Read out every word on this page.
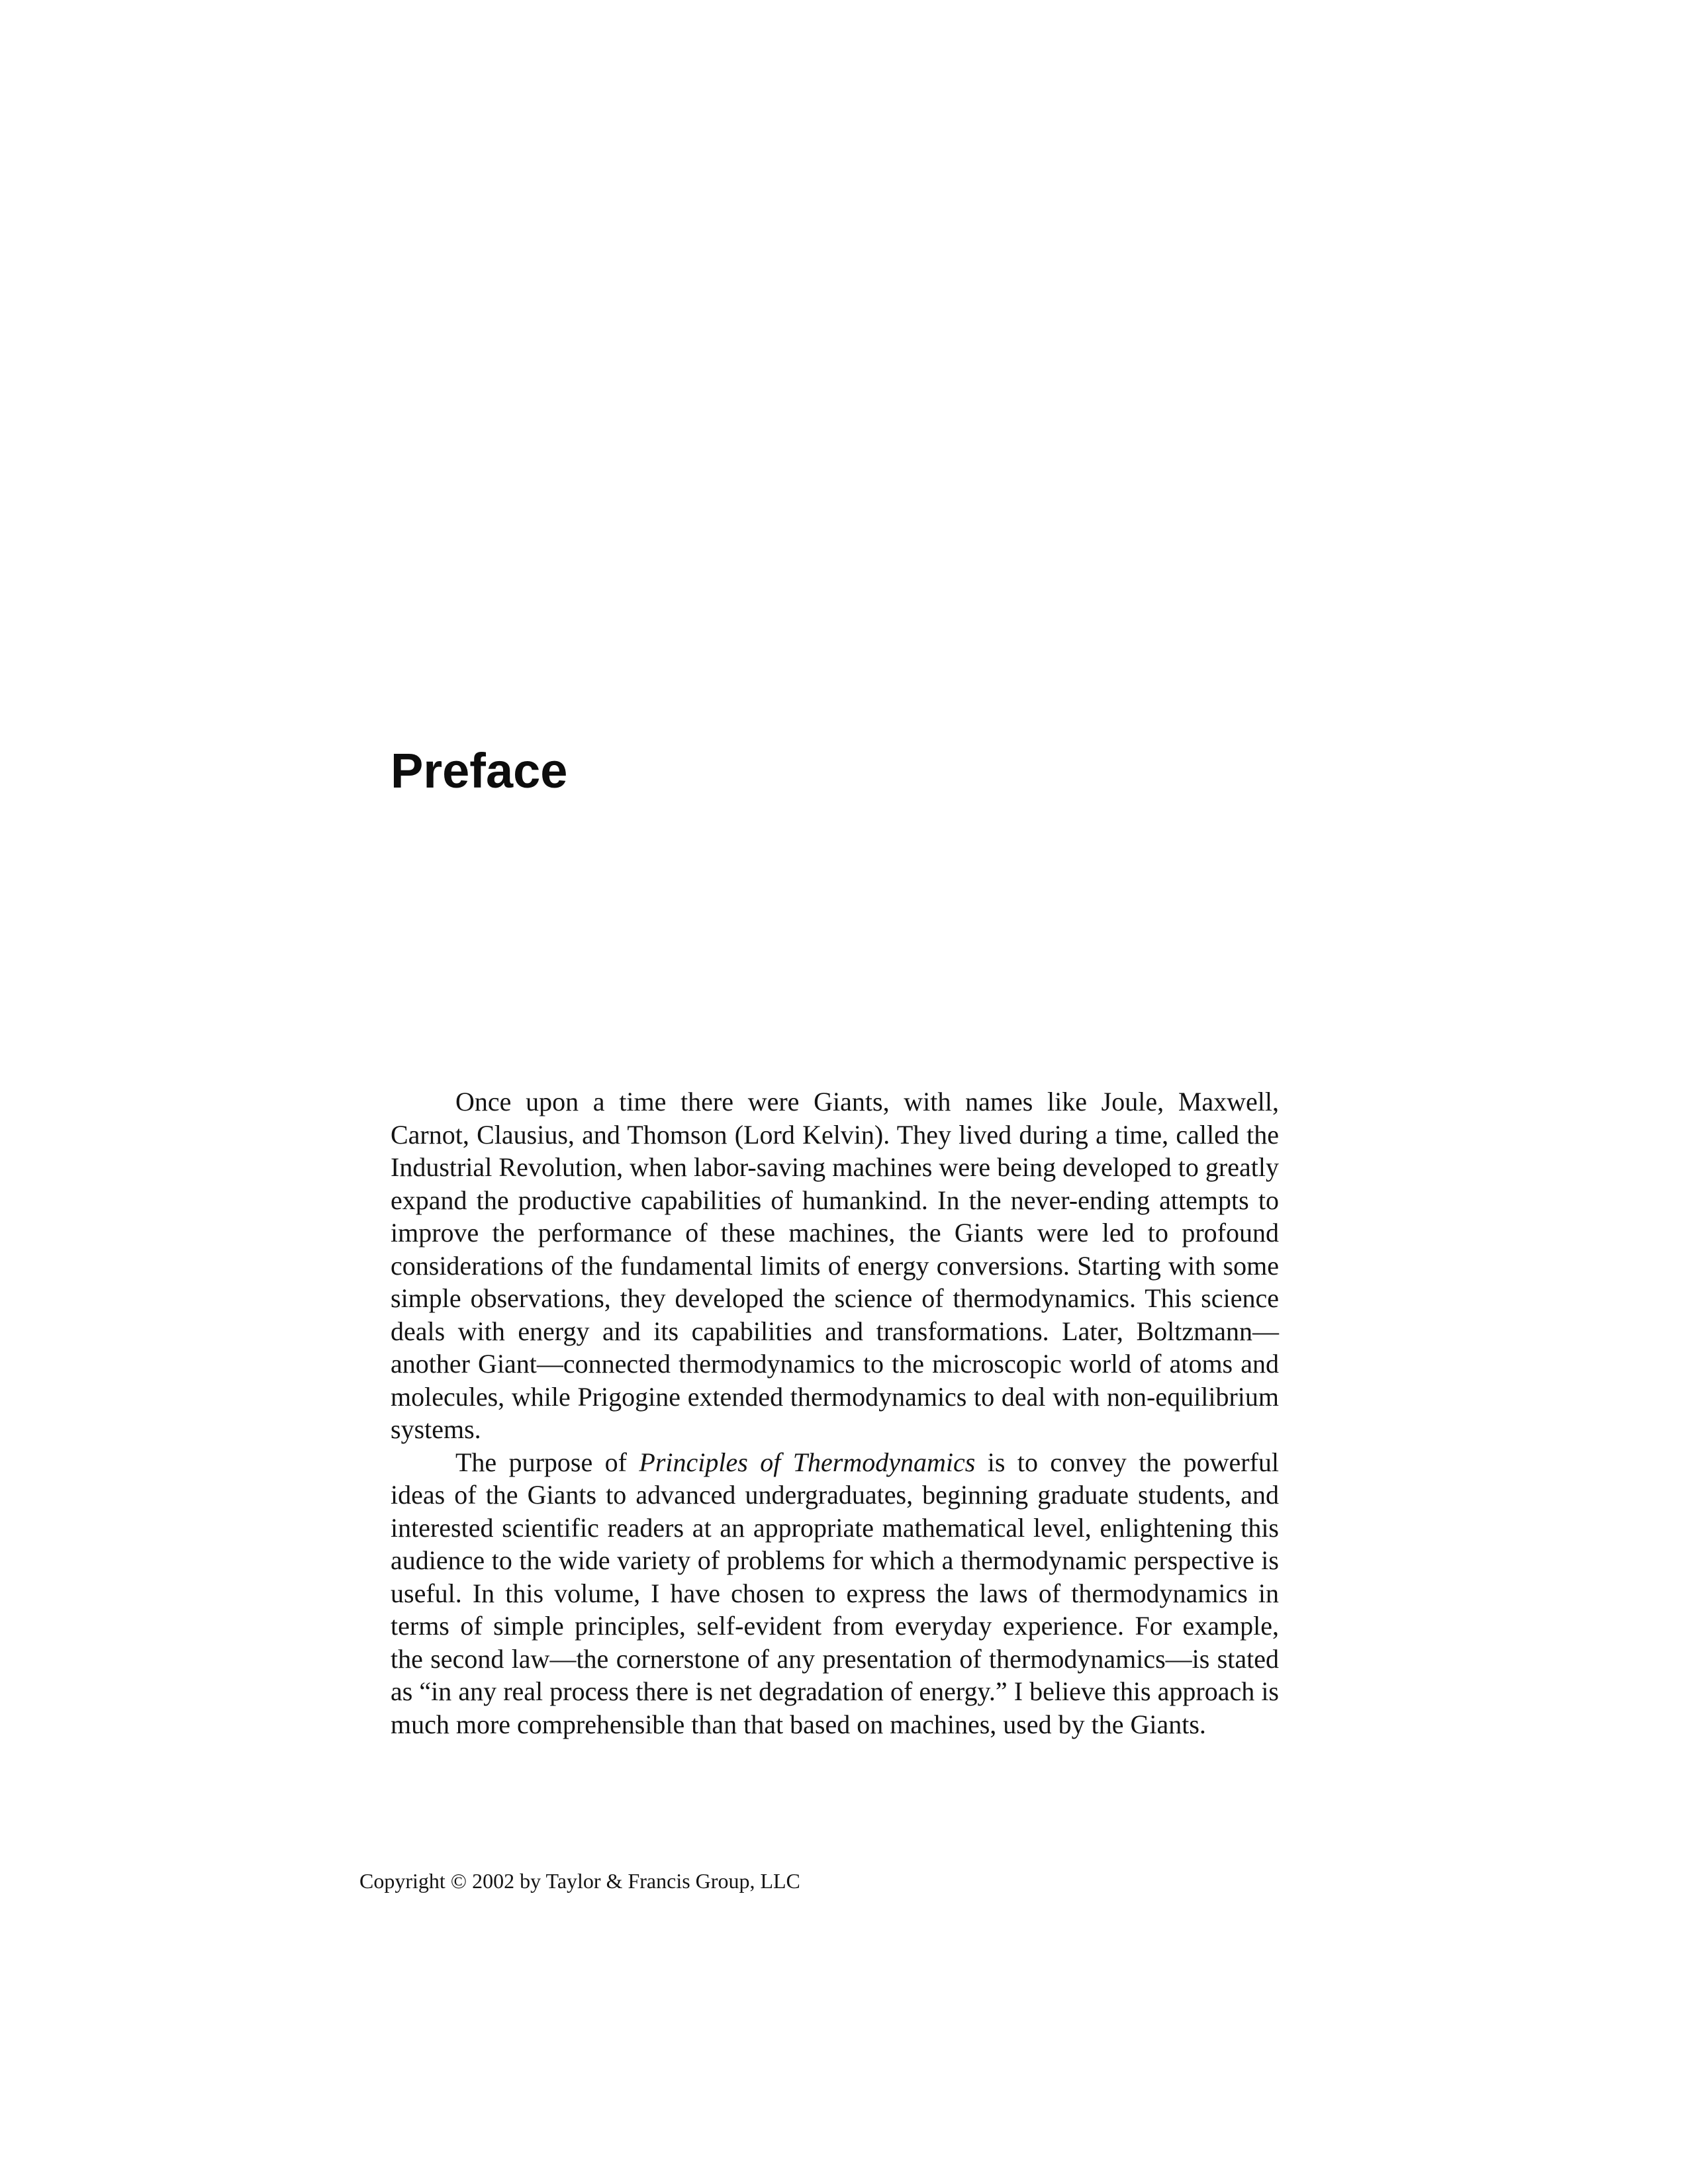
Preface

Once upon a time there were Giants, with names like Joule, Maxwell, Carnot, Clausius, and Thomson (Lord Kelvin). They lived during a time, called the Industrial Revolution, when labor-saving machines were being developed to greatly expand the productive capabilities of humankind. In the never-ending attempts to improve the performance of these machines, the Giants were led to profound considerations of the fundamental limits of energy conversions. Starting with some simple observations, they developed the science of thermodynamics. This science deals with energy and its capabilities and transformations. Later, Boltzmann—another Giant—connected thermodynamics to the microscopic world of atoms and molecules, while Prigogine extended thermodynamics to deal with non-equilibrium systems.

The purpose of Principles of Thermodynamics is to convey the powerful ideas of the Giants to advanced undergraduates, beginning graduate students, and interested scientific readers at an appropriate mathematical level, enlightening this audience to the wide variety of problems for which a thermodynamic perspective is useful. In this volume, I have chosen to express the laws of thermodynamics in terms of simple principles, self-evident from everyday experience. For example, the second law—the cornerstone of any presentation of thermodynamics—is stated as “in any real process there is net degradation of energy.” I believe this approach is much more comprehensible than that based on machines, used by the Giants.

Copyright © 2002 by Taylor & Francis Group, LLC
